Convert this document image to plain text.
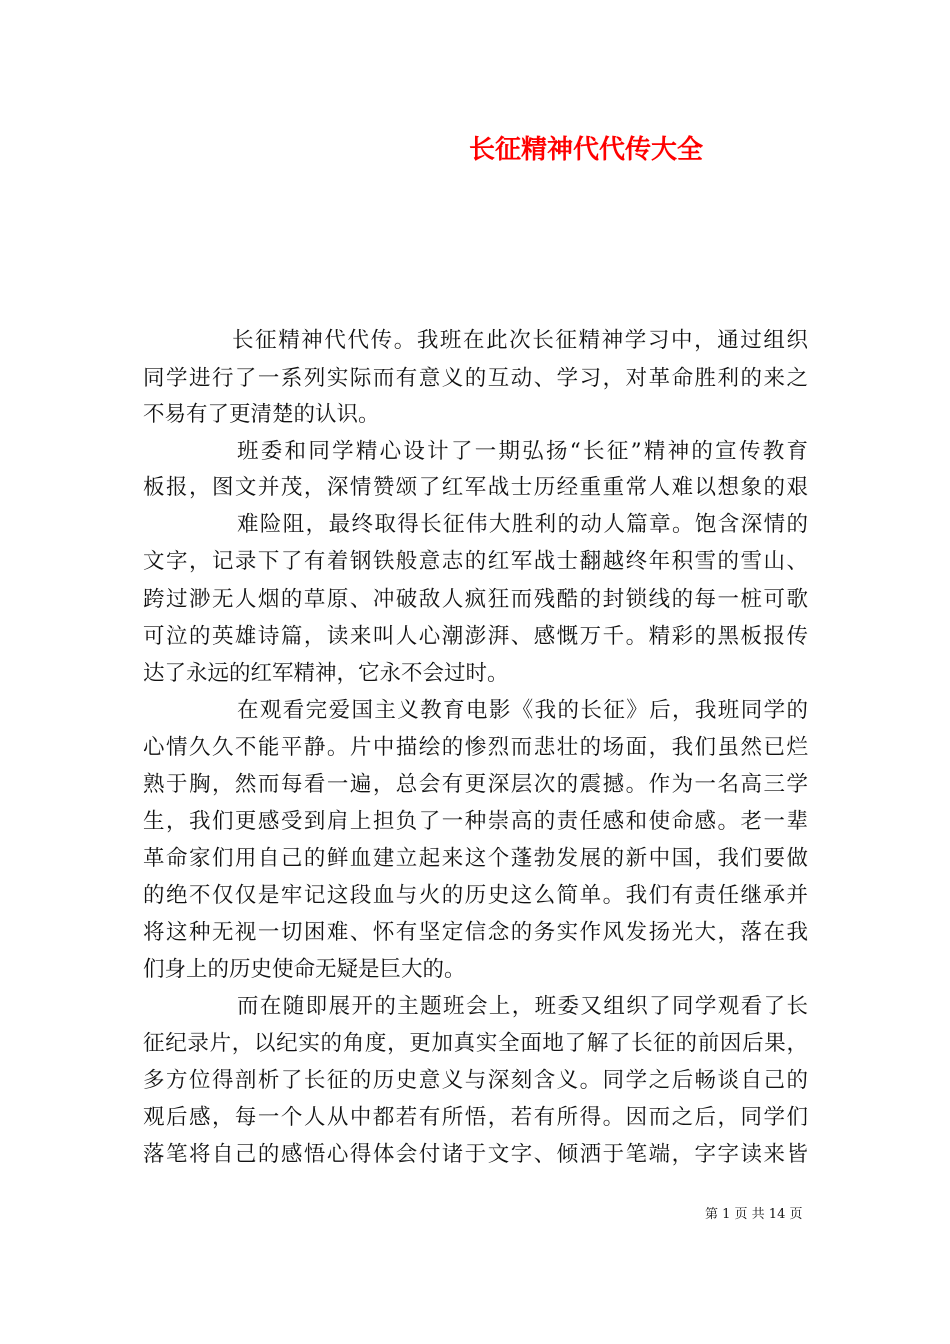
长征精神代代传大全
长征精神代代传。我班在此次长征精神学习中，通过组织
同学进行了一系列实际而有意义的互动、学习，对革命胜利的来之
不易有了更清楚的认识。
班委和同学精心设计了一期弘扬“长征”精神的宣传教育
板报，图文并茂，深情赞颂了红军战士历经重重常人难以想象的艰
难险阻，最终取得长征伟大胜利的动人篇章。饱含深情的
文字，记录下了有着钢铁般意志的红军战士翻越终年积雪的雪山、
跨过渺无人烟的草原、冲破敌人疯狂而残酷的封锁线的每一桩可歌
可泣的英雄诗篇，读来叫人心潮澎湃、感慨万千。精彩的黑板报传
达了永远的红军精神，它永不会过时。
在观看完爱国主义教育电影《我的长征》后，我班同学的
心情久久不能平静。片中描绘的惨烈而悲壮的场面，我们虽然已烂
熟于胸，然而每看一遍，总会有更深层次的震撼。作为一名高三学
生，我们更感受到肩上担负了一种崇高的责任感和使命感。老一辈
革命家们用自己的鲜血建立起来这个蓬勃发展的新中国，我们要做
的绝不仅仅是牢记这段血与火的历史这么简单。我们有责任继承并
将这种无视一切困难、怀有坚定信念的务实作风发扬光大，落在我
们身上的历史使命无疑是巨大的。
而在随即展开的主题班会上，班委又组织了同学观看了长
征纪录片，以纪实的角度，更加真实全面地了解了长征的前因后果，
多方位得剖析了长征的历史意义与深刻含义。同学之后畅谈自己的
观后感，每一个人从中都若有所悟，若有所得。因而之后，同学们
落笔将自己的感悟心得体会付诸于文字、倾洒于笔端，字字读来皆
第 1 页 共 14 页
